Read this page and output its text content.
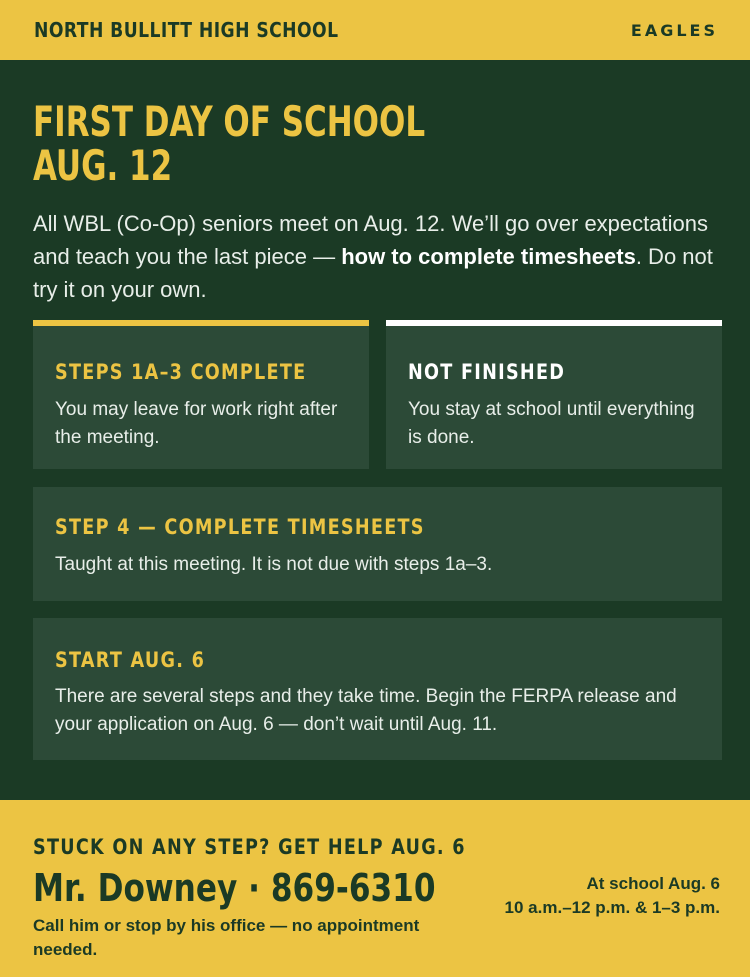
NORTH BULLITT HIGH SCHOOL	EAGLES
FIRST DAY OF SCHOOL
AUG. 12

All WBL (Co-Op) seniors meet on Aug. 12. We’ll go over expectations and teach you the last piece — how to complete timesheets. Do not try it on your own.

STEPS 1A–3 COMPLETE
You may leave for work right after the meeting.
NOT FINISHED
You stay at school until everything is done.
STEP 4 — COMPLETE TIMESHEETS
Taught at this meeting. It is not due with steps 1a–3.
START AUG. 6
There are several steps and they take time. Begin the FERPA release and your application on Aug. 6 — don’t wait until Aug. 11.
STUCK ON ANY STEP? GET HELP AUG. 6
Mr. Downey · 869-6310
Call him or stop by his office — no appointment needed.
At school Aug. 6
10 a.m.–12 p.m. & 1–3 p.m.
